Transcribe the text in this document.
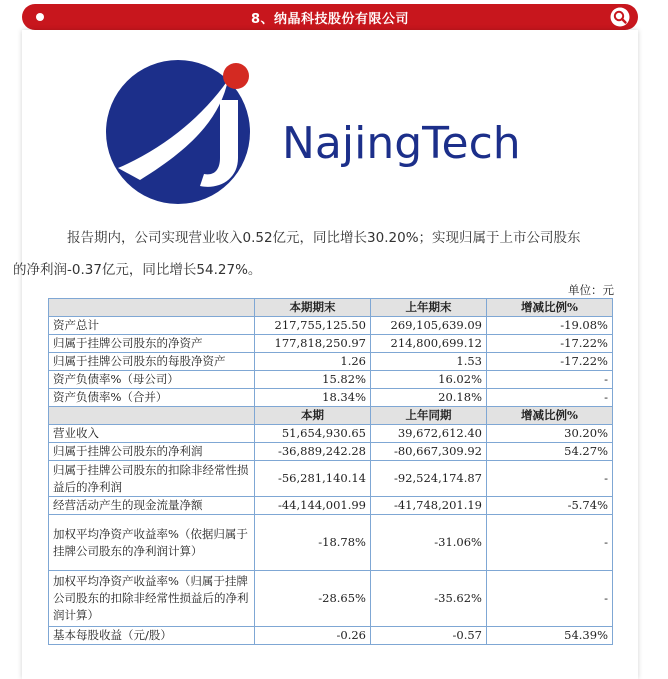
8、纳晶科技股份有限公司
NajingTech
报告期内，公司实现营业收入0.52亿元，同比增长30.20%；实现归属于上市公司股东
的净利润-0.37亿元，同比增长54.27%。
单位：元
	本期期末	上年期末	增减比例%
资产总计	217,755,125.50	269,105,639.09	-19.08%
归属于挂牌公司股东的净资产	177,818,250.97	214,800,699.12	-17.22%
归属于挂牌公司股东的每股净资产	1.26	1.53	-17.22%
资产负债率%（母公司）	15.82%	16.02%	-
资产负债率%（合并）	18.34%	20.18%	-
	本期	上年同期	增减比例%
营业收入	51,654,930.65	39,672,612.40	30.20%
归属于挂牌公司股东的净利润	-36,889,242.28	-80,667,309.92	54.27%
归属于挂牌公司股东的扣除非经常性损益后的净利润	-56,281,140.14	-92,524,174.87	-
经营活动产生的现金流量净额	-44,144,001.99	-41,748,201.19	-5.74%
加权平均净资产收益率%（依据归属于挂牌公司股东的净利润计算）	-18.78%	-31.06%	-
加权平均净资产收益率%（归属于挂牌公司股东的扣除非经常性损益后的净利润计算）	-28.65%	-35.62%	-
基本每股收益（元/股）	-0.26	-0.57	54.39%
